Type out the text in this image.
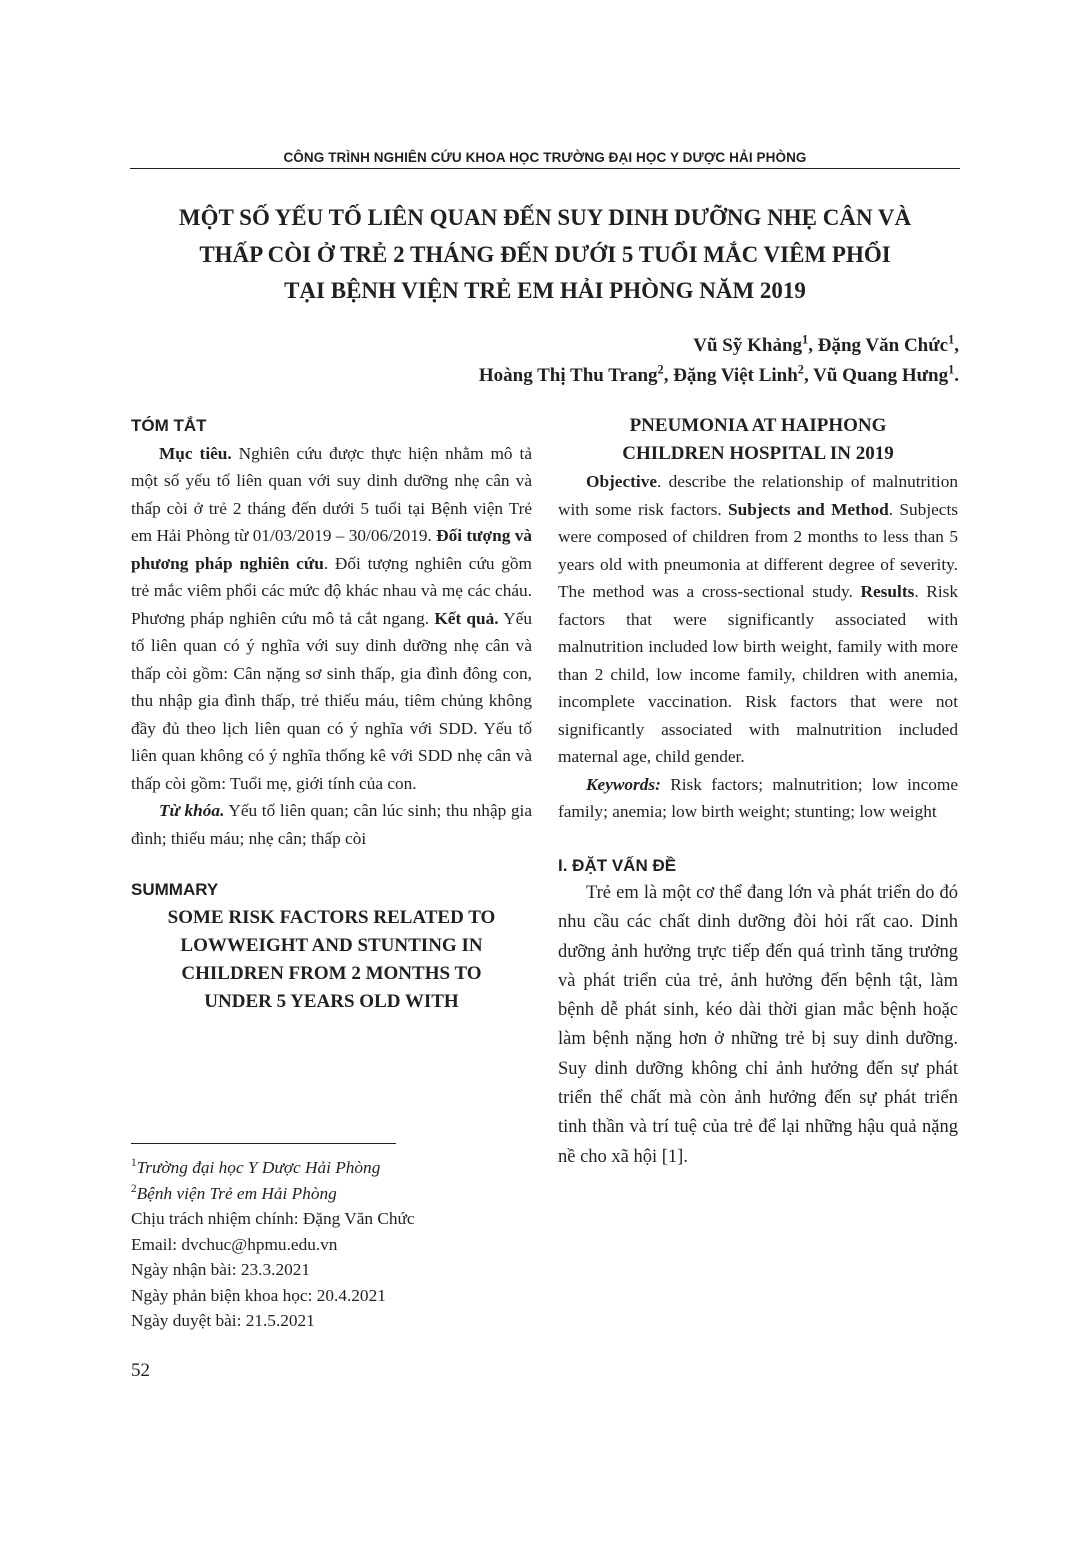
CÔNG TRÌNH NGHIÊN CỨU KHOA HỌC TRƯỜNG ĐẠI HỌC Y DƯỢC HẢI PHÒNG
MỘT SỐ YẾU TỐ LIÊN QUAN ĐẾN SUY DINH DƯỠNG NHẸ CÂN VÀ
THẤP CÒI Ở TRẺ 2 THÁNG ĐẾN DƯỚI 5 TUỔI MẮC VIÊM PHỔI
TẠI BỆNH VIỆN TRẺ EM HẢI PHÒNG NĂM 2019
Vũ Sỹ Khảng$^1$, Đặng Văn Chức$^1$,
Hoàng Thị Thu Trang$^2$, Đặng Việt Linh$^2$, Vũ Quang Hưng$^1$.
TÓM TẮT

Mục tiêu. Nghiên cứu được thực hiện nhằm mô tả một số yếu tố liên quan với suy dinh dưỡng nhẹ cân và thấp còi ở trẻ 2 tháng đến dưới 5 tuổi tại Bệnh viện Trẻ em Hải Phòng từ 01/03/2019 – 30/06/2019. Đối tượng và phương pháp nghiên cứu. Đối tượng nghiên cứu gồm trẻ mắc viêm phổi các mức độ khác nhau và mẹ các cháu. Phương pháp nghiên cứu mô tả cắt ngang. Kết quả. Yếu tố liên quan có ý nghĩa với suy dinh dưỡng nhẹ cân và thấp còi gồm: Cân nặng sơ sinh thấp, gia đình đông con, thu nhập gia đình thấp, trẻ thiếu máu, tiêm chủng không đầy đủ theo lịch liên quan có ý nghĩa với SDD. Yếu tố liên quan không có ý nghĩa thống kê với SDD nhẹ cân và thấp còi gồm: Tuổi mẹ, giới tính của con.

Từ khóa. Yếu tố liên quan; cân lúc sinh; thu nhập gia đình; thiếu máu; nhẹ cân; thấp còi

SUMMARY

SOME RISK FACTORS RELATED TO
LOWWEIGHT AND STUNTING IN
CHILDREN FROM 2 MONTHS TO
UNDER 5 YEARS OLD WITH

$^1$Trường đại học Y Dược Hải Phòng
$^2$Bệnh viện Trẻ em Hải Phòng
Chịu trách nhiệm chính: Đặng Văn Chức
Email: dvchuc@hpmu.edu.vn
Ngày nhận bài: 23.3.2021
Ngày phản biện khoa học: 20.4.2021
Ngày duyệt bài: 21.5.2021

PNEUMONIA AT HAIPHONG
CHILDREN HOSPITAL IN 2019

Objective. describe the relationship of malnutrition with some risk factors. Subjects and Method. Subjects were composed of children from 2 months to less than 5 years old with pneumonia at different degree of severity. The method was a cross-sectional study. Results. Risk factors that were significantly associated with malnutrition included low birth weight, family with more than 2 child, low income family, children with anemia, incomplete vaccination. Risk factors that were not significantly associated with malnutrition included maternal age, child gender.

Keywords: Risk factors; malnutrition; low income family; anemia; low birth weight; stunting; low weight

I. ĐẶT VẤN ĐỀ

Trẻ em là một cơ thể đang lớn và phát triển do đó nhu cầu các chất dinh dưỡng đòi hỏi rất cao. Dinh dưỡng ảnh hưởng trực tiếp đến quá trình tăng trưởng và phát triển của trẻ, ảnh hưởng đến bệnh tật, làm bệnh dễ phát sinh, kéo dài thời gian mắc bệnh hoặc làm bệnh nặng hơn ở những trẻ bị suy dinh dưỡng. Suy dinh dưỡng không chỉ ảnh hưởng đến sự phát triển thể chất mà còn ảnh hưởng đến sự phát triển tinh thần và trí tuệ của trẻ để lại những hậu quả nặng nề cho xã hội [1].

52
